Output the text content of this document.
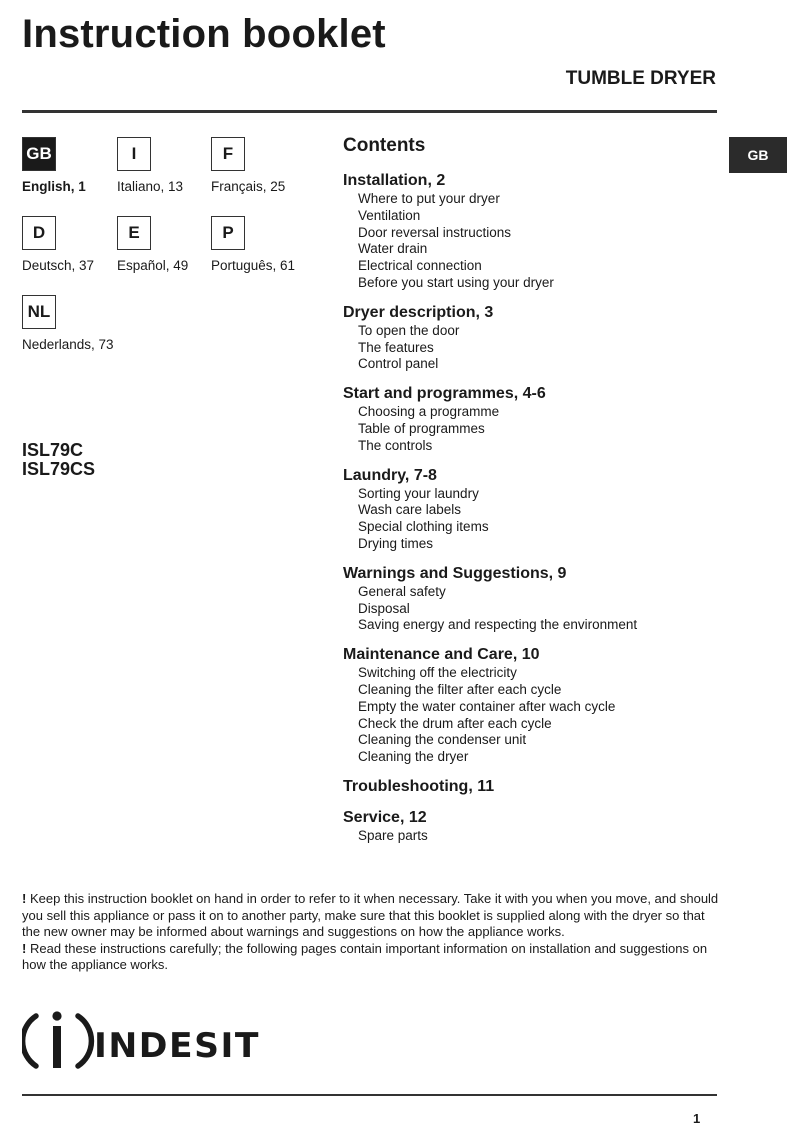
Instruction booklet
TUMBLE DRYER
GB
GB
English, 1
I
Italiano, 13
F
Français, 25
D
Deutsch, 37
E
Español, 49
P
Português, 61
NL
Nederlands, 73
ISL79C
ISL79CS
Contents
Installation, 2
Where to put your dryer
Ventilation
Door reversal instructions
Water drain
Electrical connection
Before you start using your dryer
Dryer description, 3
To open the door
The features
Control panel
Start and programmes, 4-6
Choosing a programme
Table of programmes
The controls
Laundry, 7-8
Sorting your laundry
Wash care labels
Special clothing items
Drying times
Warnings and Suggestions, 9
General safety
Disposal
Saving energy and respecting the environment
Maintenance and Care, 10
Switching off the electricity
Cleaning the filter after each cycle
Empty the water container after wach cycle
Check the drum after each cycle
Cleaning the condenser unit
Cleaning the dryer
Troubleshooting, 11
Service, 12
Spare parts

! Keep this instruction booklet on hand in order to refer to it when necessary. Take it with you when you move, and should you sell this appliance or pass it on to another party, make sure that this booklet is supplied along with the dryer so that the new owner may be informed about warnings and suggestions on how the appliance works.

! Read these instructions carefully; the following pages contain important information on installation and suggestions on how the appliance works.

INDESIT
1
